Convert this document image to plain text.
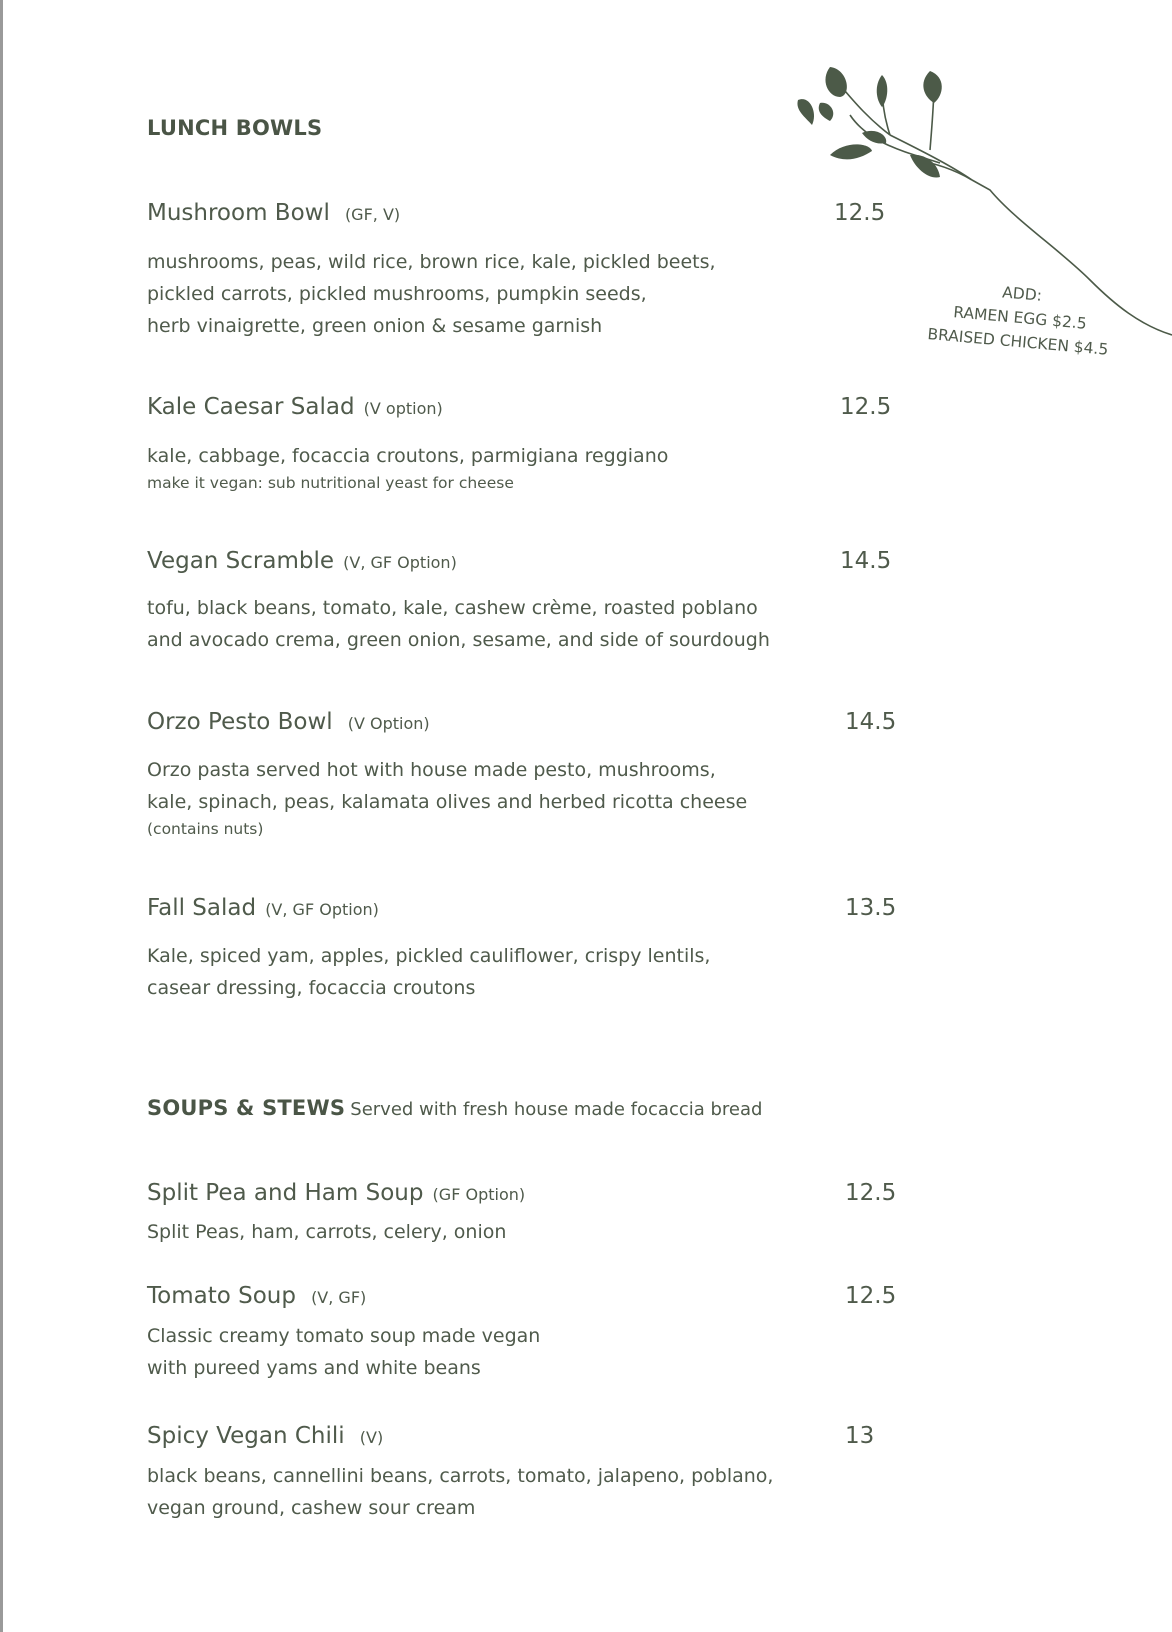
ADD:
RAMEN EGG $2.5
BRAISED CHICKEN $4.5
LUNCH BOWLS
Mushroom Bowl (GF, V)	12.5
mushrooms, peas, wild rice, brown rice, kale, pickled beets,
pickled carrots, pickled mushrooms, pumpkin seeds,
herb vinaigrette, green onion & sesame garnish
Kale Caesar Salad (V option)	12.5
kale, cabbage, focaccia croutons, parmigiana reggiano
make it vegan: sub nutritional yeast for cheese
Vegan Scramble (V, GF Option)	14.5
tofu, black beans, tomato, kale, cashew crème, roasted poblano
and avocado crema, green onion, sesame, and side of sourdough
Orzo Pesto Bowl (V Option)	14.5
Orzo pasta served hot with house made pesto, mushrooms,
kale, spinach, peas, kalamata olives and herbed ricotta cheese
(contains nuts)
Fall Salad (V, GF Option)	13.5
Kale, spiced yam, apples, pickled cauliflower, crispy lentils,
casear dressing, focaccia croutons
SOUPS & STEWS Served with fresh house made focaccia bread
Split Pea and Ham Soup (GF Option)	12.5
Split Peas, ham, carrots, celery, onion
Tomato Soup (V, GF)	12.5
Classic creamy tomato soup made vegan
with pureed yams and white beans
Spicy Vegan Chili (V)	13
black beans, cannellini beans, carrots, tomato, jalapeno, poblano,
vegan ground, cashew sour cream
